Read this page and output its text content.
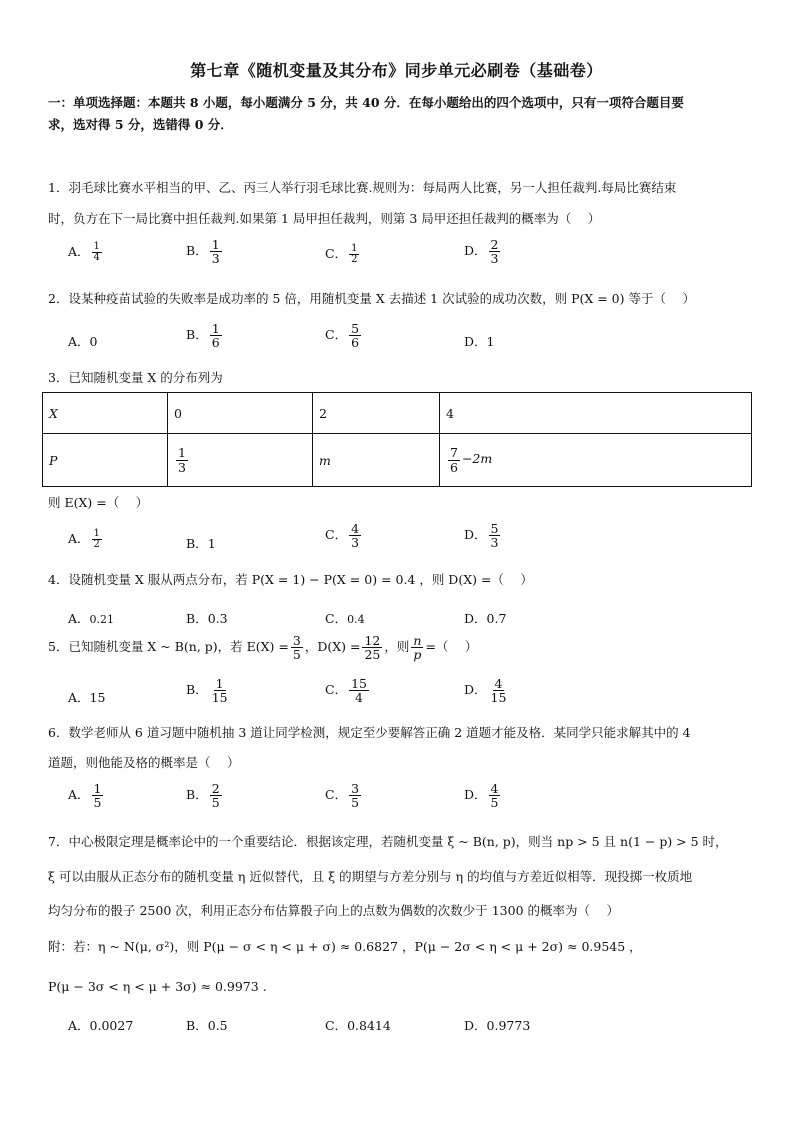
第七章《随机变量及其分布》同步单元必刷卷（基础卷）
一：单项选择题：本题共 8 小题，每小题满分 5 分，共 40 分．在每小题给出的四个选项中，只有一项符合题目要
求，选对得 5 分，选错得 0 分．
1．羽毛球比赛水平相当的甲、乙、丙三人举行羽毛球比赛.规则为：每局两人比赛，另一人担任裁判.每局比赛结束
时，负方在下一局比赛中担任裁判.如果第 1 局甲担任裁判，则第 3 局甲还担任裁判的概率为（　 ）
A． $\frac{1}{4}$	B． $\frac{1}{3}$	C． $\frac{1}{2}$	D． $\frac{2}{3}$
2．设某种疫苗试验的失败率是成功率的 5 倍，用随机变量 X 去描述 1 次试验的成功次数，则 P(X = 0) 等于（　 ）
A．0	B． $\frac{1}{6}$	C． $\frac{5}{6}$	D．1
3．已知随机变量 X 的分布列为
X	0	2	4
P	$\frac{1}{3}$	m	$\frac{7}{6} -2m$
则 E(X) =（　 ）
A． $\frac{1}{2}$	B．1
C． $\frac{4}{3}$	D． $\frac{5}{3}$
4．设随机变量 X 服从两点分布，若 P(X = 1) − P(X = 0) = 0.4 ，则 D(X) =（　 ）
A．0.21	B．0.3	C．0.4	D．0.7
5．已知随机变量 X ~ B(n, p)，若 $E(X) = \frac{3}{5}$ ，$D(X) = \frac{12}{25}$ ，则 $\frac{n}{p}$ =（　 ）
A．15
B． $\frac{1}{15}$	C． $\frac{15}{4}$	D． $\frac{4}{15}$
6．数学老师从 6 道习题中随机抽 3 道让同学检测，规定至少要解答正确 2 道题才能及格．某同学只能求解其中的 4
道题，则他能及格的概率是（　 ）
A． $\frac{1}{5}$	B． $\frac{2}{5}$	C． $\frac{3}{5}$	D． $\frac{4}{5}$
7．中心极限定理是概率论中的一个重要结论．根据该定理，若随机变量 ξ ~ B(n, p)，则当 np > 5 且 n(1 − p) > 5 时，
ξ 可以由服从正态分布的随机变量 η 近似替代，且 ξ 的期望与方差分别与 η 的均值与方差近似相等．现投掷一枚质地
均匀分布的骰子 2500 次，利用正态分布估算骰子向上的点数为偶数的次数少于 1300 的概率为（　 ）
附：若：η ~ N(μ, σ²)，则 P(μ − σ < η < μ + σ) ≈ 0.6827 ，P(μ − 2σ < η < μ + 2σ) ≈ 0.9545 ，
P(μ − 3σ < η < μ + 3σ) ≈ 0.9973 .
A．0.0027	B．0.5	C．0.8414	D．0.9773
